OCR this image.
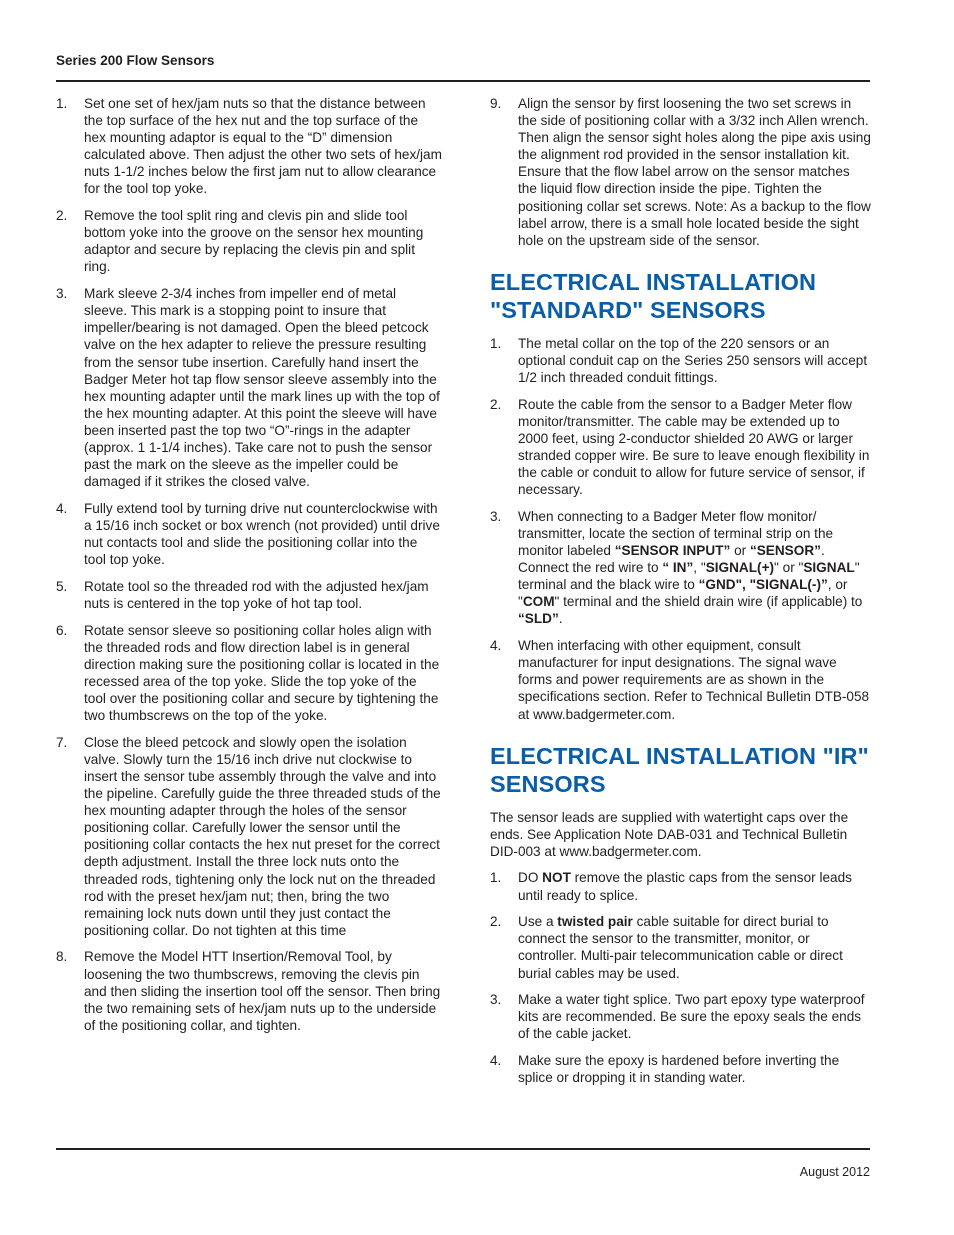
Series 200 Flow Sensors
1. Set one set of hex/jam nuts so that the distance between the top surface of the hex nut and the top surface of the hex mounting adaptor is equal to the “D” dimension calculated above. Then adjust the other two sets of hex/jam nuts 1-1/2 inches below the first jam nut to allow clearance for the tool top yoke.
2. Remove the tool split ring and clevis pin and slide tool bottom yoke into the groove on the sensor hex mounting adaptor and secure by replacing the clevis pin and split ring.
3. Mark sleeve 2-3/4 inches from impeller end of metal sleeve. This mark is a stopping point to insure that impeller/bearing is not damaged. Open the bleed petcock valve on the hex adapter to relieve the pressure resulting from the sensor tube insertion. Carefully hand insert the Badger Meter hot tap flow sensor sleeve assembly into the hex mounting adapter until the mark lines up with the top of the hex mounting adapter. At this point the sleeve will have been inserted past the top two “O”-rings in the adapter (approx. 1 1-1/4 inches). Take care not to push the sensor past the mark on the sleeve as the impeller could be damaged if it strikes the closed valve.
4. Fully extend tool by turning drive nut counterclockwise with a 15/16 inch socket or box wrench (not provided) until drive nut contacts tool and slide the positioning collar into the tool top yoke.
5. Rotate tool so the threaded rod with the adjusted hex/jam nuts is centered in the top yoke of hot tap tool.
6. Rotate sensor sleeve so positioning collar holes align with the threaded rods and flow direction label is in general direction making sure the positioning collar is located in the recessed area of the top yoke. Slide the top yoke of the tool over the positioning collar and secure by tightening the two thumbscrews on the top of the yoke.
7. Close the bleed petcock and slowly open the isolation valve. Slowly turn the 15/16 inch drive nut clockwise to insert the sensor tube assembly through the valve and into the pipeline. Carefully guide the three threaded studs of the hex mounting adapter through the holes of the sensor positioning collar. Carefully lower the sensor until the positioning collar contacts the hex nut preset for the correct depth adjustment. Install the three lock nuts onto the threaded rods, tightening only the lock nut on the threaded rod with the preset hex/jam nut; then, bring the two remaining lock nuts down until they just contact the positioning collar. Do not tighten at this time
8. Remove the Model HTT Insertion/Removal Tool, by loosening the two thumbscrews, removing the clevis pin and then sliding the insertion tool off the sensor. Then bring the two remaining sets of hex/jam nuts up to the underside of the positioning collar, and tighten.
9. Align the sensor by first loosening the two set screws in the side of positioning collar with a 3/32 inch Allen wrench. Then align the sensor sight holes along the pipe axis using the alignment rod provided in the sensor installation kit. Ensure that the flow label arrow on the sensor matches the liquid flow direction inside the pipe. Tighten the positioning collar set screws. Note: As a backup to the flow label arrow, there is a small hole located beside the sight hole on the upstream side of the sensor.
ELECTRICAL INSTALLATION "STANDARD" SENSORS
1. The metal collar on the top of the 220 sensors or an optional conduit cap on the Series 250 sensors will accept 1/2 inch threaded conduit fittings.
2. Route the cable from the sensor to a Badger Meter flow monitor/transmitter. The cable may be extended up to 2000 feet, using 2-conductor shielded 20 AWG or larger stranded copper wire. Be sure to leave enough flexibility in the cable or conduit to allow for future service of sensor, if necessary.
3. When connecting to a Badger Meter flow monitor/ transmitter, locate the section of terminal strip on the monitor labeled “SENSOR INPUT” or “SENSOR”. Connect the red wire to “ IN”, "SIGNAL(+)" or "SIGNAL" terminal and the black wire to “GND", "SIGNAL(-)”, or "COM" terminal and the shield drain wire (if applicable) to “SLD”.
4. When interfacing with other equipment, consult manufacturer for input designations. The signal wave forms and power requirements are as shown in the specifications section. Refer to Technical Bulletin DTB-058 at www.badgermeter.com.
ELECTRICAL INSTALLATION "IR" SENSORS

The sensor leads are supplied with watertight caps over the ends. See Application Note DAB-031 and Technical Bulletin DID-003 at www.badgermeter.com.

1. DO NOT remove the plastic caps from the sensor leads until ready to splice.
2. Use a twisted pair cable suitable for direct burial to connect the sensor to the transmitter, monitor, or controller. Multi-pair telecommunication cable or direct burial cables may be used.
3. Make a water tight splice. Two part epoxy type waterproof kits are recommended. Be sure the epoxy seals the ends of the cable jacket.
4. Make sure the epoxy is hardened before inverting the splice or dropping it in standing water.
August 2012
